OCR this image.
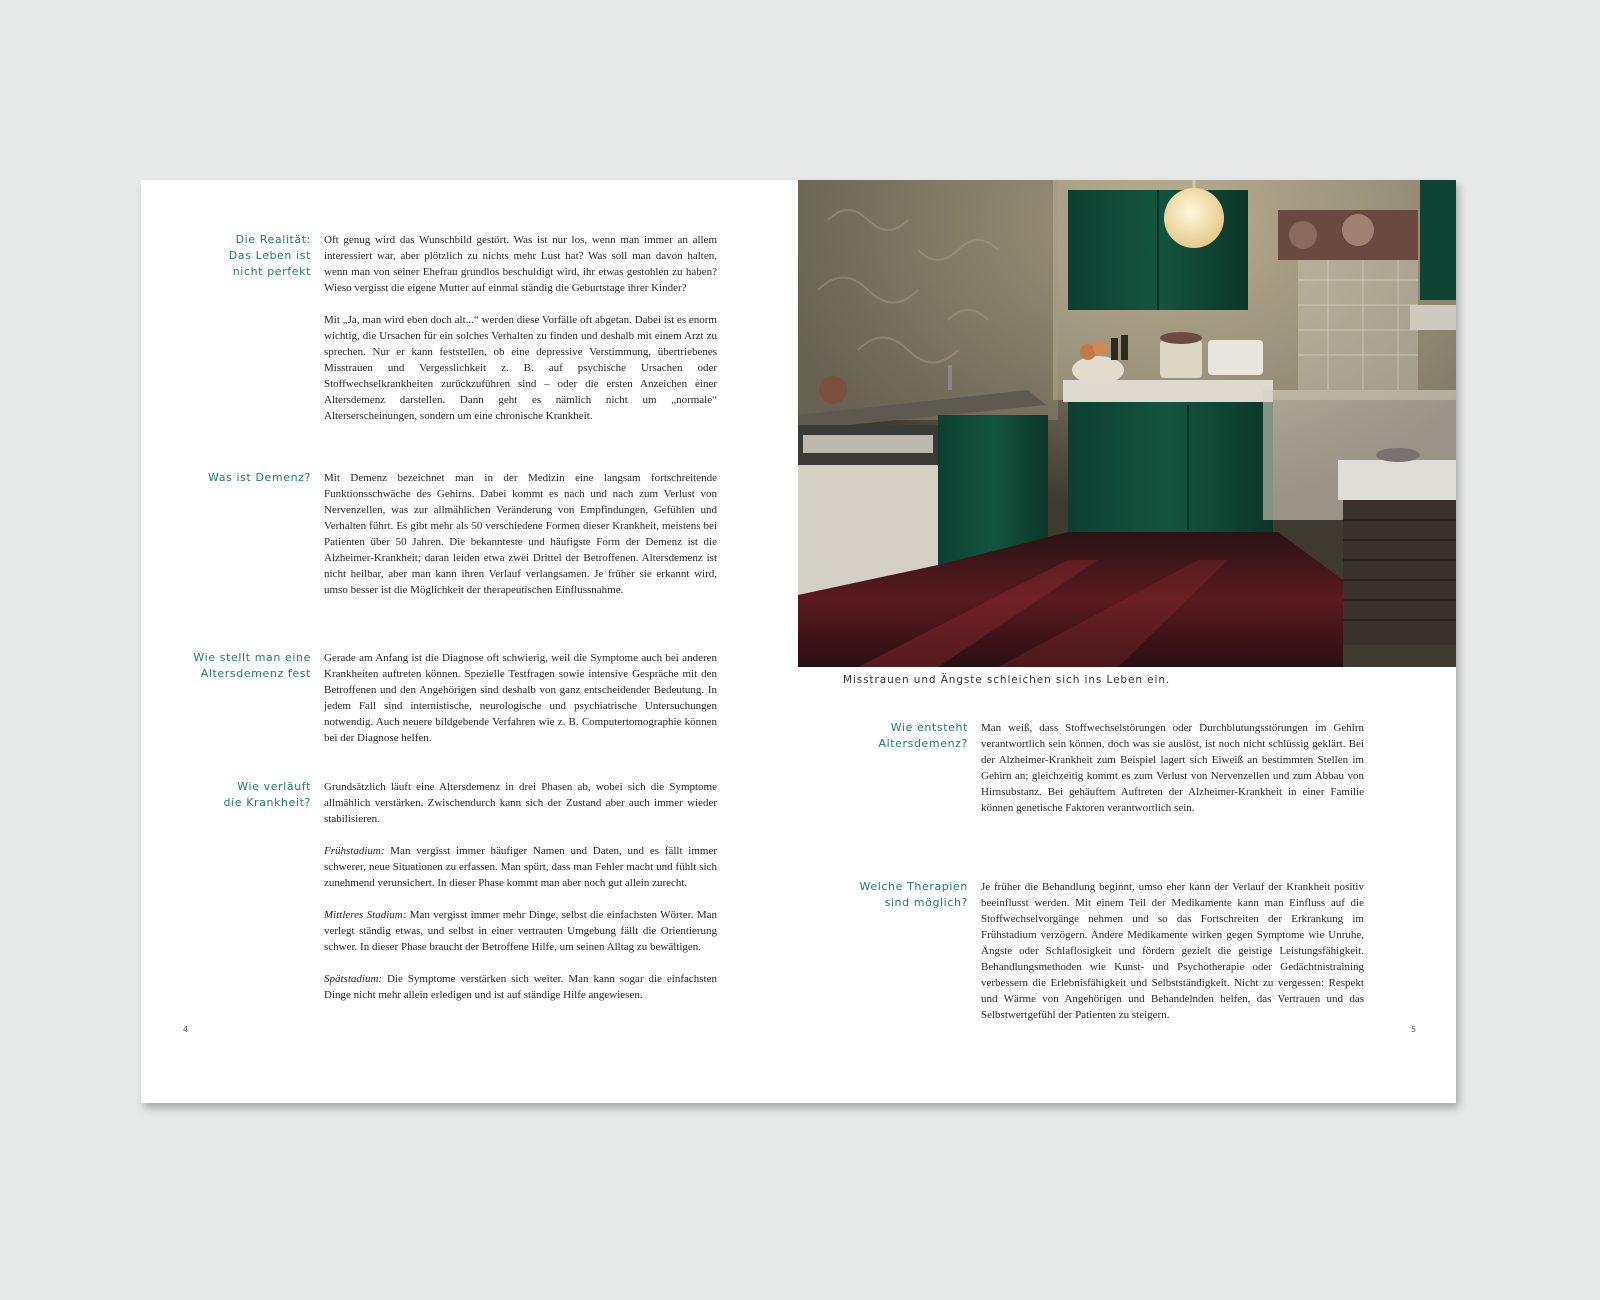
Die Realität:
Das Leben ist
nicht perfekt

Oft genug wird das Wunschbild gestört. Was ist nur los, wenn man immer an allem interessiert war, aber plötzlich zu nichts mehr Lust hat? Was soll man davon halten, wenn man von seiner Ehefrau grundlos beschuldigt wird, ihr etwas gestohlen zu haben? Wieso vergisst die eigene Mutter auf einmal ständig die Geburtstage ihrer Kinder?

Mit „Ja, man wird eben doch alt...“ werden diese Vorfälle oft abgetan. Dabei ist es enorm wichtig, die Ursachen für ein solches Verhalten zu finden und deshalb mit einem Arzt zu sprechen. Nur er kann feststellen, ob eine depressive Verstimmung, übertriebenes Misstrauen und Vergesslichkeit z. B. auf psychische Ursachen oder Stoffwechselkrankheiten zurückzuführen sind – oder die ersten Anzeichen einer Altersdemenz darstellen. Dann geht es nämlich nicht um „normale“ Alterserscheinungen, sondern um eine chronische Krankheit.

Was ist Demenz? Mit Demenz bezeichnet man in der Medizin eine langsam fortschreitende Funktionsschwäche des Gehirns. Dabei kommt es nach und nach zum Verlust von Nervenzellen, was zur allmählichen Veränderung von Empfindungen, Gefühlen und Verhalten führt. Es gibt mehr als 50 verschiedene Formen dieser Krankheit, meistens bei Patienten über 50 Jahren. Die bekannteste und häufigste Form der Demenz ist die Alzheimer-Krankheit; daran leiden etwa zwei Drittel der Betroffenen. Altersdemenz ist nicht heilbar, aber man kann ihren Verlauf verlangsamen. Je früher sie erkannt wird, umso besser ist die Möglichkeit der therapeutischen Einflussnahme.

Wie stellt man eine
Altersdemenz fest

Gerade am Anfang ist die Diagnose oft schwierig, weil die Symptome auch bei anderen Krankheiten auftreten können. Spezielle Testfragen sowie intensive Gespräche mit den Betroffenen und den Angehörigen sind deshalb von ganz entscheidender Bedeutung. In jedem Fall sind internistische, neurologische und psychiatrische Untersuchungen notwendig. Auch neuere bildgebende Verfahren wie z. B. Computertomographie können bei der Diagnose helfen.

Wie verläuft
die Krankheit?

Grundsätzlich läuft eine Altersdemenz in drei Phasen ab, wobei sich die Symptome allmählich verstärken. Zwischendurch kann sich der Zustand aber auch immer wieder stabilisieren.

Frühstadium: Man vergisst immer häufiger Namen und Daten, und es fällt immer schwerer, neue Situationen zu erfassen. Man spürt, dass man Fehler macht und fühlt sich zunehmend verunsichert. In dieser Phase kommt man aber noch gut allein zurecht.

Mittleres Stadium: Man vergisst immer mehr Dinge, selbst die einfachsten Wörter. Man verlegt ständig etwas, und selbst in einer vertrauten Umgebung fällt die Orientierung schwer. In dieser Phase braucht der Betroffene Hilfe, um seinen Alltag zu bewältigen.

Spätstadium: Die Symptome verstärken sich weiter. Man kann sogar die einfachsten Dinge nicht mehr allein erledigen und ist auf ständige Hilfe angewiesen.

4

Misstrauen und Ängste schleichen sich ins Leben ein.

Wie entsteht
Altersdemenz?

Man weiß, dass Stoffwechselstörungen oder Durchblutungsstörungen im Gehirn verantwortlich sein können, doch was sie auslöst, ist noch nicht schlüssig geklärt. Bei der Alzheimer-Krankheit zum Beispiel lagert sich Eiweiß an bestimmten Stellen im Gehirn an; gleichzeitig kommt es zum Verlust von Nervenzellen und zum Abbau von Hirnsubstanz. Bei gehäuftem Auftreten der Alzheimer-Krankheit in einer Familie können genetische Faktoren verantwortlich sein.

Welche Therapien
sind möglich?

Je früher die Behandlung beginnt, umso eher kann der Verlauf der Krankheit positiv beeinflusst werden. Mit einem Teil der Medikamente kann man Einfluss auf die Stoffwechselvorgänge nehmen und so das Fortschreiten der Erkrankung im Frühstadium verzögern. Andere Medikamente wirken gegen Symptome wie Unruhe, Ängste oder Schlaflosigkeit und fördern gezielt die geistige Leistungsfähigkeit. Behandlungsmethoden wie Kunst- und Psychotherapie oder Gedächtnistraining verbessern die Erlebnisfähigkeit und Selbstständigkeit. Nicht zu vergessen: Respekt und Wärme von Angehörigen und Behandelnden helfen, das Vertrauen und das Selbstwertgefühl der Patienten zu steigern.

5
